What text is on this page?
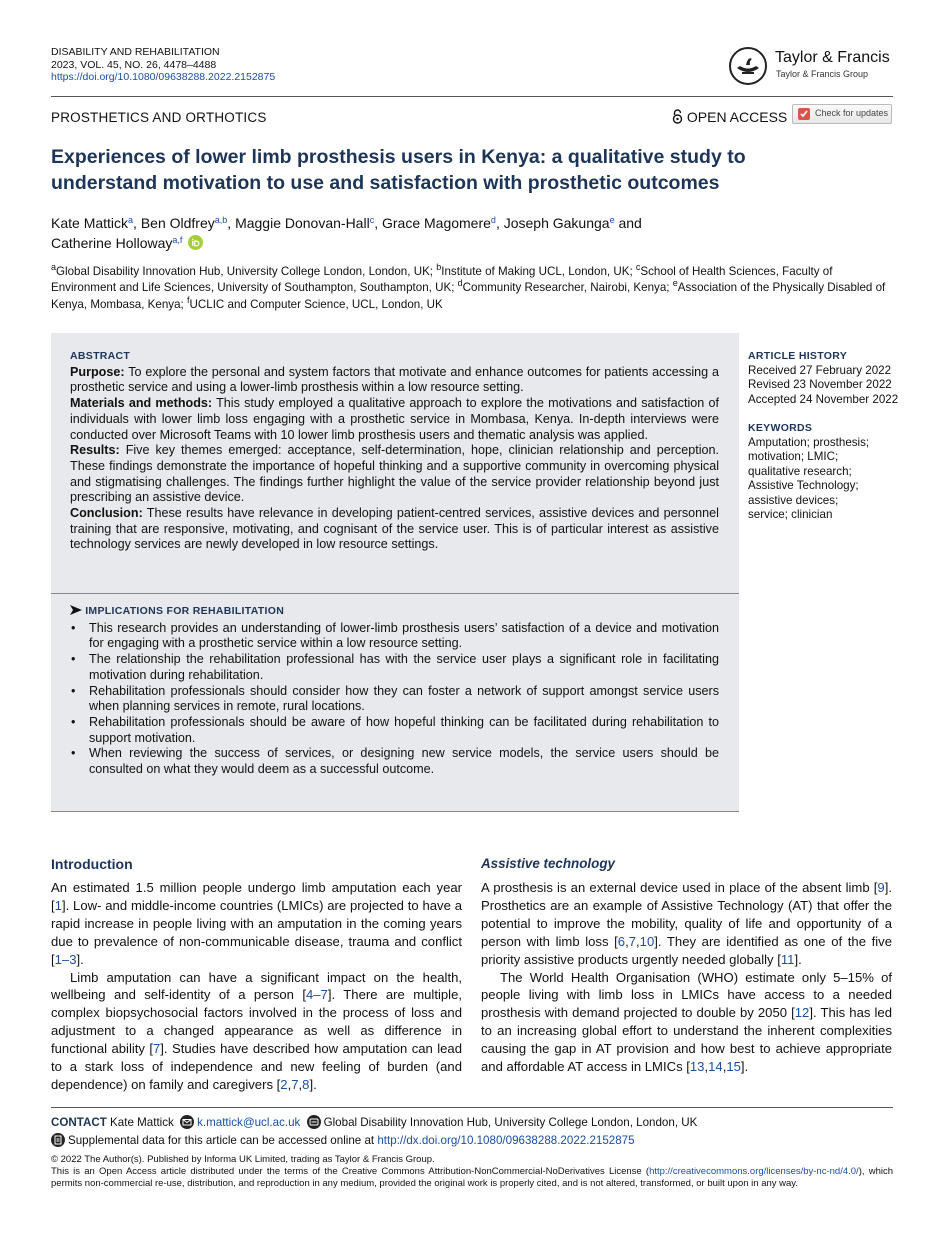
DISABILITY AND REHABILITATION
2023, VOL. 45, NO. 26, 4478–4488
https://doi.org/10.1080/09638288.2022.2152875
Taylor & Francis
Taylor & Francis Group
PROSTHETICS AND ORTHOTICS	OPEN ACCESS	Check for updates
Experiences of lower limb prosthesis users in Kenya: a qualitative study to understand motivation to use and satisfaction with prosthetic outcomes
Kate Mattick$^a$, Ben Oldfrey$^{a,b}$, Maggie Donovan-Hall$^c$, Grace Magomere$^d$, Joseph Gakunga$^e$ and
Catherine Holloway$^{a,f}$
$^a$Global Disability Innovation Hub, University College London, London, UK; $^b$Institute of Making UCL, London, UK; $^c$School of Health Sciences, Faculty of Environment and Life Sciences, University of Southampton, Southampton, UK; $^d$Community Researcher, Nairobi, Kenya; $^e$Association of the Physically Disabled of Kenya, Mombasa, Kenya; $^f$UCLIC and Computer Science, UCL, London, UK
ABSTRACT
Purpose: To explore the personal and system factors that motivate and enhance outcomes for patients accessing a prosthetic service and using a lower-limb prosthesis within a low resource setting.
Materials and methods: This study employed a qualitative approach to explore the motivations and satisfaction of individuals with lower limb loss engaging with a prosthetic service in Mombasa, Kenya. In-depth interviews were conducted over Microsoft Teams with 10 lower limb prosthesis users and thematic analysis was applied.
Results: Five key themes emerged: acceptance, self-determination, hope, clinician relationship and perception. These findings demonstrate the importance of hopeful thinking and a supportive community in overcoming physical and stigmatising challenges. The findings further highlight the value of the service provider relationship beyond just prescribing an assistive device.
Conclusion: These results have relevance in developing patient-centred services, assistive devices and personnel training that are responsive, motivating, and cognisant of the service user. This is of particular interest as assistive technology services are newly developed in low resource settings.
IMPLICATIONS FOR REHABILITATION
• This research provides an understanding of lower-limb prosthesis users’ satisfaction of a device and motivation for engaging with a prosthetic service within a low resource setting.
• The relationship the rehabilitation professional has with the service user plays a significant role in facilitating motivation during rehabilitation.
• Rehabilitation professionals should consider how they can foster a network of support amongst service users when planning services in remote, rural locations.
• Rehabilitation professionals should be aware of how hopeful thinking can be facilitated during rehabilitation to support motivation.
• When reviewing the success of services, or designing new service models, the service users should be consulted on what they would deem as a successful outcome.
ARTICLE HISTORY
Received 27 February 2022
Revised 23 November 2022
Accepted 24 November 2022
KEYWORDS
Amputation; prosthesis;
motivation; LMIC;
qualitative research;
Assistive Technology;
assistive devices;
service; clinician
Introduction

An estimated 1.5 million people undergo limb amputation each year [1]. Low- and middle-income countries (LMICs) are projected to have a rapid increase in people living with an amputation in the coming years due to prevalence of non-communicable disease, trauma and conflict [1–3].

Limb amputation can have a significant impact on the health, wellbeing and self-identity of a person [4–7]. There are multiple, complex biopsychosocial factors involved in the process of loss and adjustment to a changed appearance as well as difference in functional ability [7]. Studies have described how amputation can lead to a stark loss of independence and new feeling of burden (and dependence) on family and caregivers [2,7,8].

Assistive technology

A prosthesis is an external device used in place of the absent limb [9]. Prosthetics are an example of Assistive Technology (AT) that offer the potential to improve the mobility, quality of life and opportunity of a person with limb loss [6,7,10]. They are identified as one of the five priority assistive products urgently needed globally [11].

The World Health Organisation (WHO) estimate only 5–15% of people living with limb loss in LMICs have access to a needed prosthesis with demand projected to double by 2050 [12]. This has led to an increasing global effort to understand the inherent complexities causing the gap in AT provision and how best to achieve appropriate and affordable AT access in LMICs [13,14,15].

CONTACT Kate Mattick k.mattick@ucl.ac.uk Global Disability Innovation Hub, University College London, London, UK
Supplemental data for this article can be accessed online at http://dx.doi.org/10.1080/09638288.2022.2152875
© 2022 The Author(s). Published by Informa UK Limited, trading as Taylor & Francis Group.
This is an Open Access article distributed under the terms of the Creative Commons Attribution-NonCommercial-NoDerivatives License (http://creativecommons.org/licenses/by-nc-nd/4.0/), which permits non-commercial re-use, distribution, and reproduction in any medium, provided the original work is properly cited, and is not altered, transformed, or built upon in any way.
